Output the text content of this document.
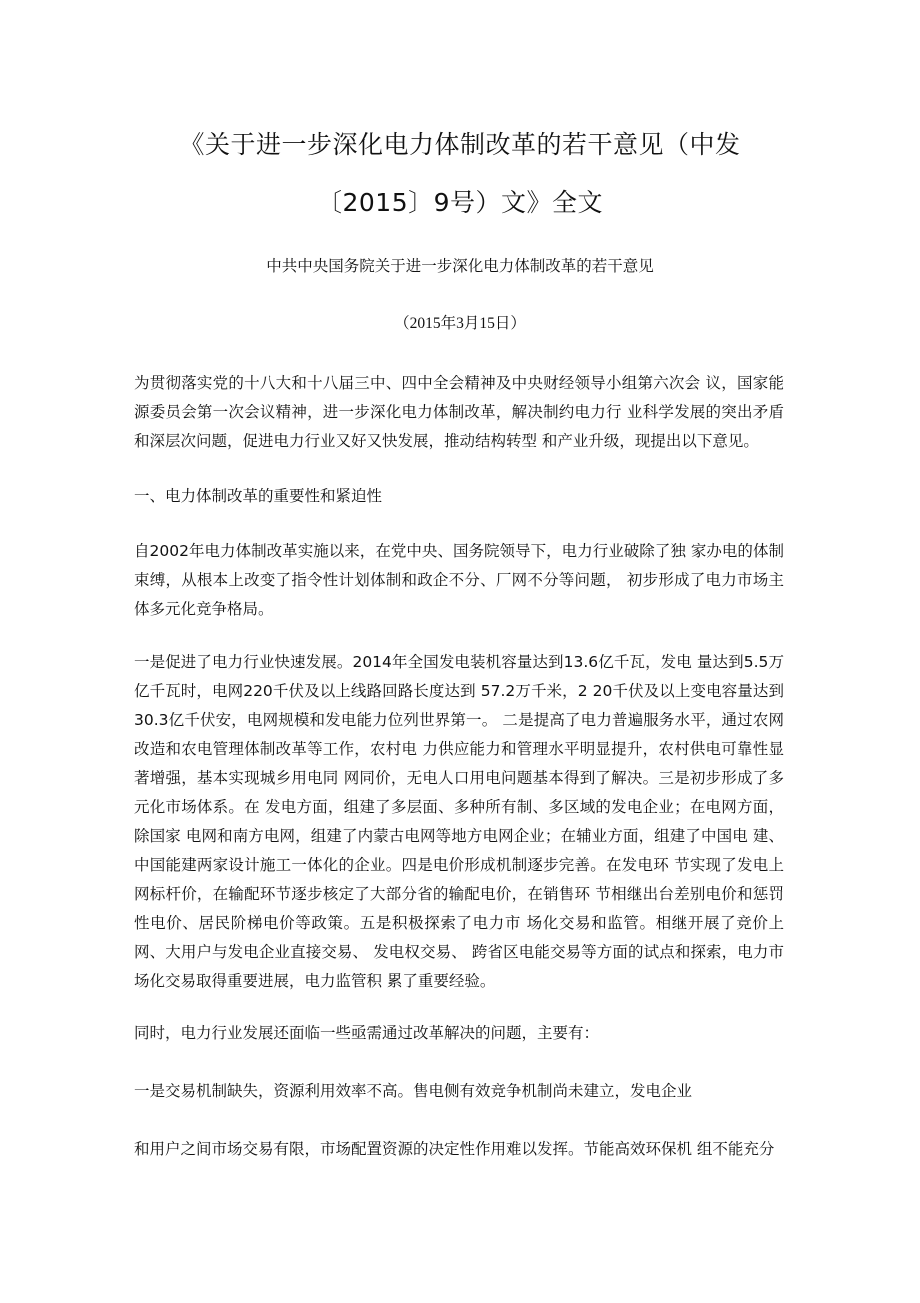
《关于进一步深化电力体制改革的若干意见（中发
〔2015〕9号）文》全文
中共中央国务院关于进一步深化电力体制改革的若干意见
（2015年3月15日）

为贯彻落实党的十八大和十八届三中、四中全会精神及中央财经领导小组第六次会 议，国家能源委员会第一次会议精神，进一步深化电力体制改革，解决制约电力行 业科学发展的突出矛盾和深层次问题，促进电力行业又好又快发展，推动结构转型 和产业升级，现提出以下意见。

一、电力体制改革的重要性和紧迫性

自2002年电力体制改革实施以来，在党中央、国务院领导下，电力行业破除了独 家办电的体制束缚，从根本上改变了指令性计划体制和政企不分、厂网不分等问题， 初步形成了电力市场主体多元化竞争格局。

一是促进了电力行业快速发展。2014年全国发电装机容量达到13.6亿千瓦，发电 量达到5.5万亿千瓦时，电网220千伏及以上线路回路长度达到 57.2万千米，2 20千伏及以上变电容量达到 30.3亿千伏安，电网规模和发电能力位列世界第一。 二是提高了电力普遍服务水平，通过农网改造和农电管理体制改革等工作，农村电 力供应能力和管理水平明显提升，农村供电可靠性显著增强，基本实现城乡用电同 网同价，无电人口用电问题基本得到了解决。三是初步形成了多元化市场体系。在 发电方面，组建了多层面、多种所有制、多区域的发电企业；在电网方面，除国家 电网和南方电网，组建了内蒙古电网等地方电网企业；在辅业方面，组建了中国电 建、中国能建两家设计施工一体化的企业。四是电价形成机制逐步完善。在发电环 节实现了发电上网标杆价，在输配环节逐步核定了大部分省的输配电价，在销售环 节相继出台差别电价和惩罚性电价、居民阶梯电价等政策。五是积极探索了电力市 场化交易和监管。相继开展了竞价上网、大用户与发电企业直接交易、 发电权交易、 跨省区电能交易等方面的试点和探索，电力市场化交易取得重要进展，电力监管积 累了重要经验。

同时，电力行业发展还面临一些亟需通过改革解决的问题，主要有：

一是交易机制缺失，资源利用效率不高。售电侧有效竞争机制尚未建立，发电企业

和用户之间市场交易有限，市场配置资源的决定性作用难以发挥。节能高效环保机 组不能充分
